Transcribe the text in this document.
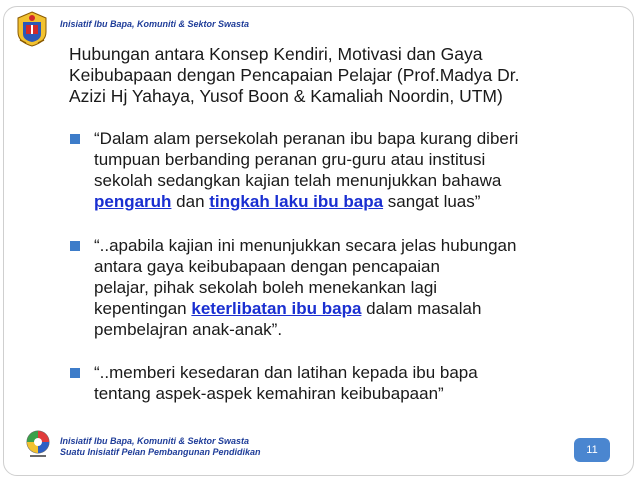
Inisiatif Ibu Bapa, Komuniti & Sektor Swasta
Hubungan antara Konsep Kendiri, Motivasi dan Gaya
Keibubapaan dengan Pencapaian Pelajar (Prof.Madya Dr.
Azizi Hj Yahaya, Yusof Boon & Kamaliah Noordin, UTM)
“Dalam alam persekolah peranan ibu bapa kurang diberi
tumpuan berbanding peranan gru-guru atau institusi
sekolah sedangkan kajian telah menunjukkan bahawa
pengaruh dan tingkah laku ibu bapa sangat luas”
“..apabila kajian ini menunjukkan secara jelas hubungan
antara gaya keibubapaan dengan pencapaian
pelajar, pihak sekolah boleh menekankan lagi
kepentingan keterlibatan ibu bapa dalam masalah
pembelajran anak-anak”.
“..memberi kesedaran dan latihan kepada ibu bapa
tentang aspek-aspek kemahiran keibubapaan”
Inisiatif Ibu Bapa, Komuniti & Sektor Swasta
Suatu Inisiatif Pelan Pembangunan Pendidikan	11
